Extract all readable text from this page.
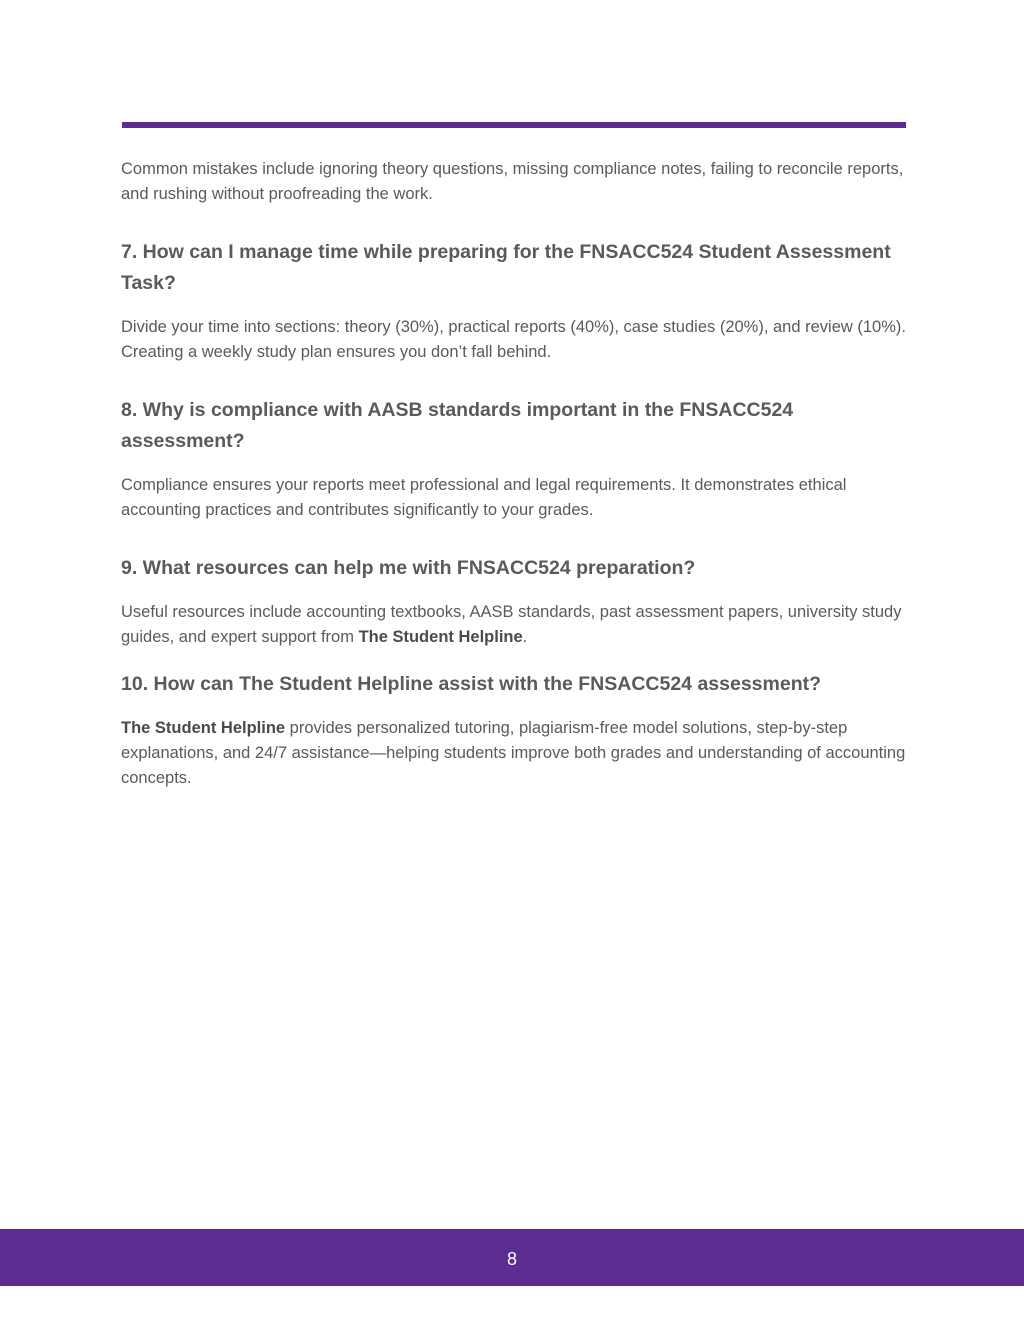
Common mistakes include ignoring theory questions, missing compliance notes, failing to reconcile reports, and rushing without proofreading the work.

7. How can I manage time while preparing for the FNSACC524 Student Assessment Task?

Divide your time into sections: theory (30%), practical reports (40%), case studies (20%), and review (10%). Creating a weekly study plan ensures you don’t fall behind.

8. Why is compliance with AASB standards important in the FNSACC524 assessment?

Compliance ensures your reports meet professional and legal requirements. It demonstrates ethical accounting practices and contributes significantly to your grades.

9. What resources can help me with FNSACC524 preparation?

Useful resources include accounting textbooks, AASB standards, past assessment papers, university study guides, and expert support from The Student Helpline.

10. How can The Student Helpline assist with the FNSACC524 assessment?

The Student Helpline provides personalized tutoring, plagiarism-free model solutions, step-by-step explanations, and 24/7 assistance—helping students improve both grades and understanding of accounting concepts.

8
